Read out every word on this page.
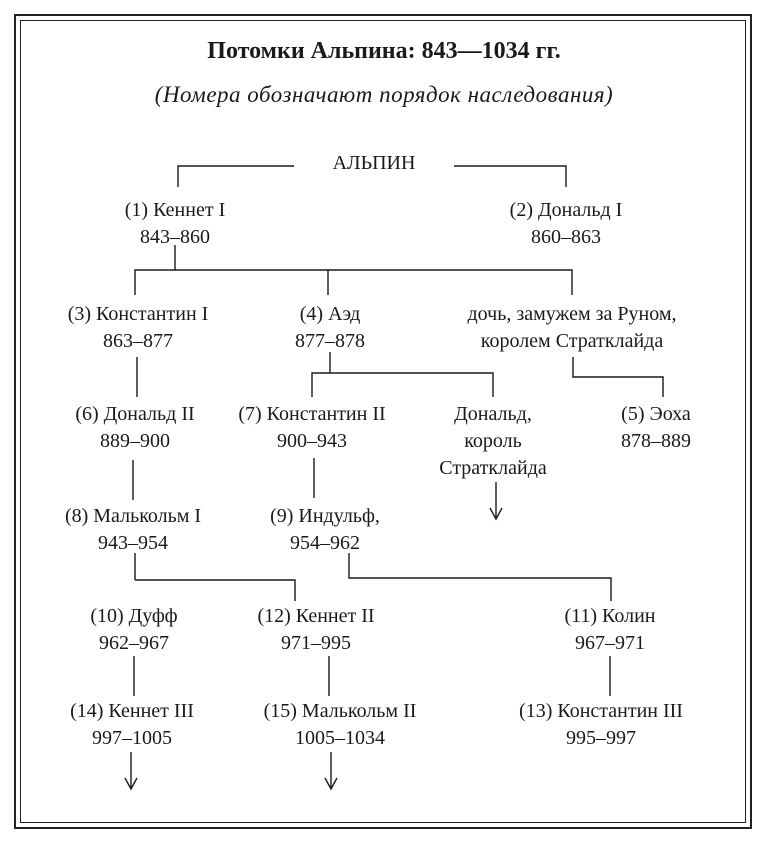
Потомки Альпина: 843—1034 гг.
(Номера обозначают порядок наследования)
АЛЬПИН
(1) Кеннет I
843–860
(2) Дональд I
860–863
(3) Константин I
863–877
(4) Аэд
877–878
дочь, замужем за Руном,
королем Стратклайда
(6) Дональд II
889–900
(7) Константин II
900–943
Дональд,
король
Стратклайда
(5) Эоха
878–889
(8) Малькольм I
943–954
(9) Индульф,
954–962
(10) Дуфф
962–967
(12) Кеннет II
971–995
(11) Колин
967–971
(14) Кеннет III
997–1005
(15) Малькольм II
1005–1034
(13) Константин III
995–997
